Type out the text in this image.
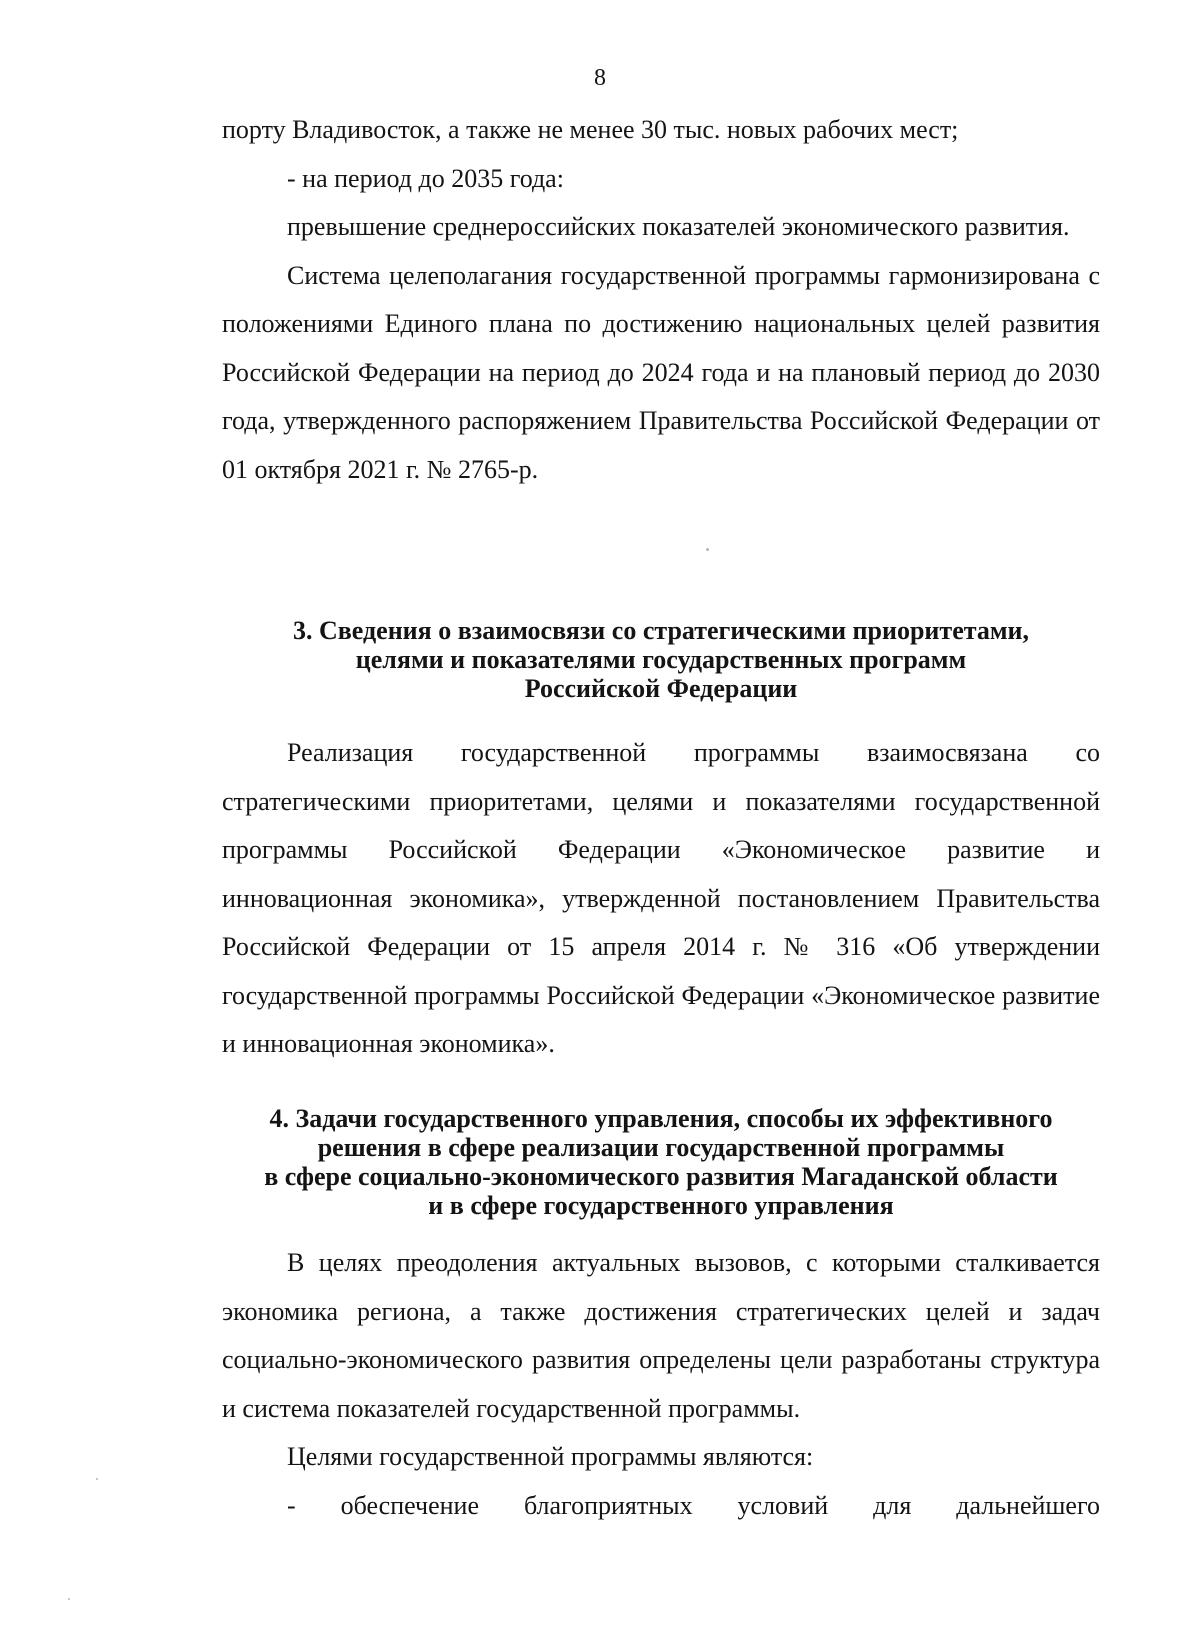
8

порту Владивосток, а также не менее 30 тыс. новых рабочих мест;

- на период до 2035 года:

превышение среднероссийских показателей экономического развития.

Система целеполагания государственной программы гармонизирована с положениями Единого плана по достижению национальных целей развития Российской Федерации на период до 2024 года и на плановый период до 2030 года, утвержденного распоряжением Правительства Российской Федерации от 01 октября 2021 г. № 2765-р.

3. Сведения о взаимосвязи со стратегическими приоритетами,
целями и показателями государственных программ
Российской Федерации

Реализация государственной программы взаимосвязана со стратегическими приоритетами, целями и показателями государственной программы Российской Федерации «Экономическое развитие и инновационная экономика», утвержденной постановлением Правительства Российской Федерации от 15 апреля 2014 г. № 316 «Об утверждении государственной программы Российской Федерации «Экономическое развитие и инновационная экономика».

4. Задачи государственного управления, способы их эффективного
решения в сфере реализации государственной программы
в сфере социально-экономического развития Магаданской области
и в сфере государственного управления

В целях преодоления актуальных вызовов, с которыми сталкивается экономика региона, а также достижения стратегических целей и задач социально-экономического развития определены цели разработаны структура и система показателей государственной программы.

Целями государственной программы являются:

- обеспечение благоприятных условий для дальнейшего
